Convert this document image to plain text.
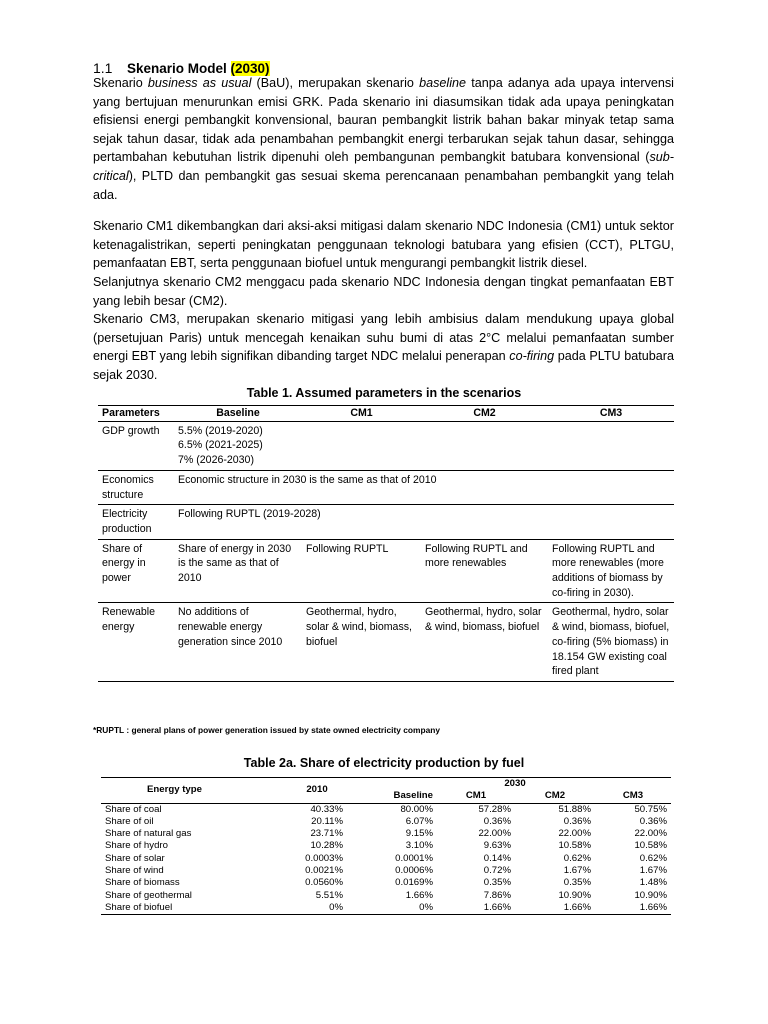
1.1 Skenario Model (2030)

Skenario business as usual (BaU), merupakan skenario baseline tanpa adanya ada upaya intervensi yang bertujuan menurunkan emisi GRK. Pada skenario ini diasumsikan tidak ada upaya peningkatan efisiensi energi pembangkit konvensional, bauran pembangkit listrik bahan bakar minyak tetap sama sejak tahun dasar, tidak ada penambahan pembangkit energi terbarukan sejak tahun dasar, sehingga pertambahan kebutuhan listrik dipenuhi oleh pembangunan pembangkit batubara konvensional (sub-critical), PLTD dan pembangkit gas sesuai skema perencanaan penambahan pembangkit yang telah ada.

Skenario CM1 dikembangkan dari aksi-aksi mitigasi dalam skenario NDC Indonesia (CM1) untuk sektor ketenagalistrikan, seperti peningkatan penggunaan teknologi batubara yang efisien (CCT), PLTGU, pemanfaatan EBT, serta penggunaan biofuel untuk mengurangi pembangkit listrik diesel.

Selanjutnya skenario CM2 menggacu pada skenario NDC Indonesia dengan tingkat pemanfaatan EBT yang lebih besar (CM2).

Skenario CM3, merupakan skenario mitigasi yang lebih ambisius dalam mendukung upaya global (persetujuan Paris) untuk mencegah kenaikan suhu bumi di atas 2°C melalui pemanfaatan sumber energi EBT yang lebih signifikan dibanding target NDC melalui penerapan co-firing pada PLTU batubara sejak 2030.

Table 1. Assumed parameters in the scenarios
Parameters	Baseline	CM1	CM2	CM3
GDP growth	5.5% (2019-2020)
6.5% (2021-2025)
7% (2026-2030)			

Economics structure	Economic structure in 2030 is the same as that of 2010			
Electricity production	Following RUPTL (2019-2028)			
Share of energy in power	Share of energy in 2030 is the same as that of 2010	Following RUPTL	Following RUPTL and more renewables	Following RUPTL and more renewables (more additions of biomass by co-firing in 2030).
Renewable energy	No additions of renewable energy generation since 2010	Geothermal, hydro, solar & wind, biomass, biofuel	Geothermal, hydro, solar & wind, biomass, biofuel	Geothermal, hydro, solar & wind, biomass, biofuel, co-firing (5% biomass) in 18.154 GW existing coal fired plant
*RUPTL : general plans of power generation issued by state owned electricity company
Table 2a. Share of electricity production by fuel
Energy type	2010	2030			
		Baseline	CM1	CM2	CM3
Share of coal	40.33%	80.00%	57.28%	51.88%	50.75%
Share of oil	20.11%	6.07%	0.36%	0.36%	0.36%
Share of natural gas	23.71%	9.15%	22.00%	22.00%	22.00%
Share of hydro	10.28%	3.10%	9.63%	10.58%	10.58%
Share of solar	0.0003%	0.0001%	0.14%	0.62%	0.62%
Share of wind	0.0021%	0.0006%	0.72%	1.67%	1.67%
Share of biomass	0.0560%	0.0169%	0.35%	0.35%	1.48%
Share of geothermal	5.51%	1.66%	7.86%	10.90%	10.90%
Share of biofuel	0%	0%	1.66%	1.66%	1.66%
